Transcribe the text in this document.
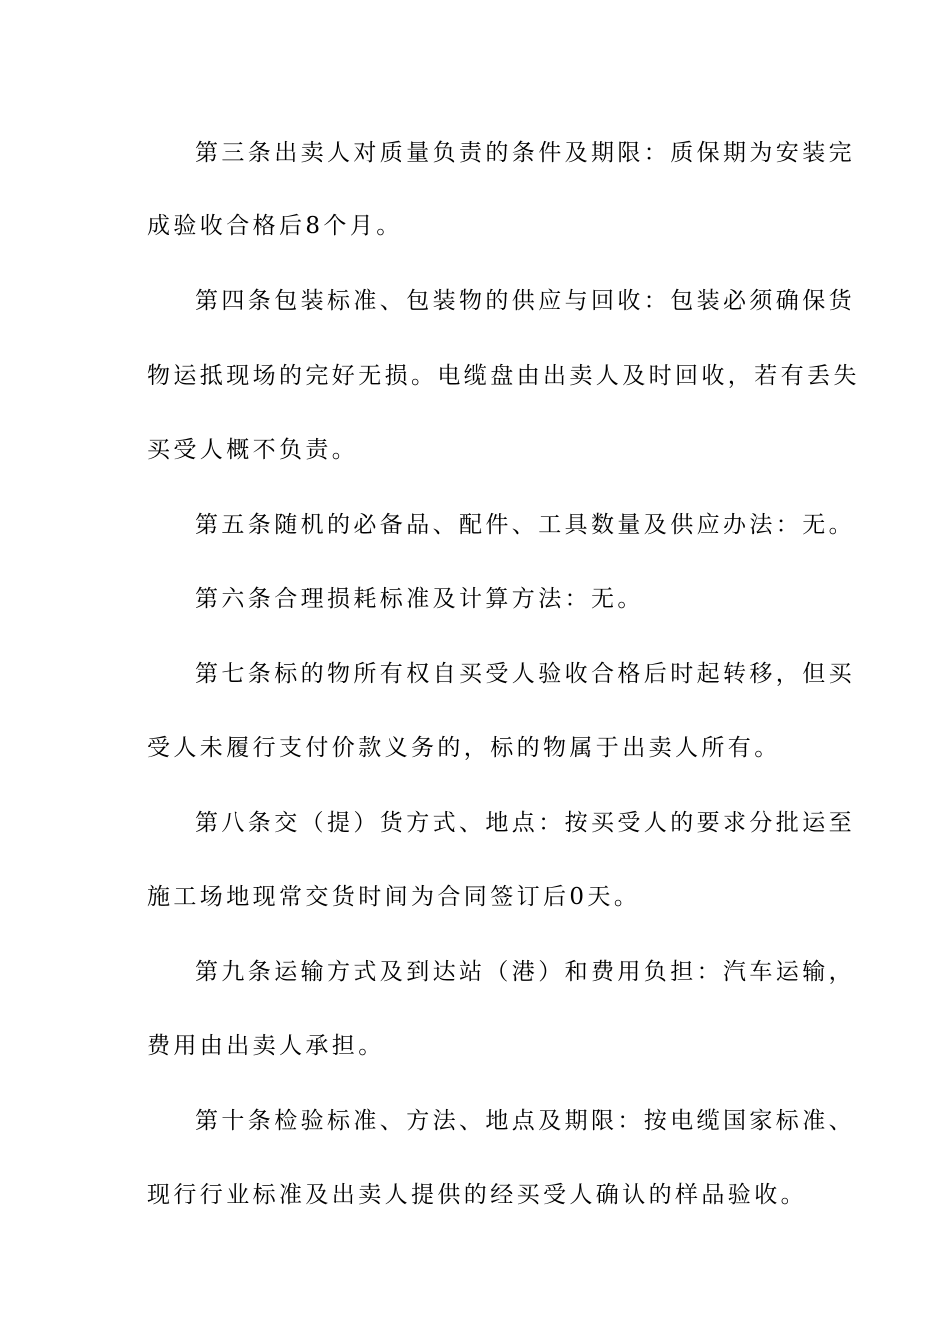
第三条出卖人对质量负责的条件及期限：质保期为安装完

成验收合格后8个月。

第四条包装标准、包装物的供应与回收：包装必须确保货

物运抵现场的完好无损。电缆盘由出卖人及时回收，若有丢失

买受人概不负责。

第五条随机的必备品、配件、工具数量及供应办法：无。

第六条合理损耗标准及计算方法：无。

第七条标的物所有权自买受人验收合格后时起转移，但买

受人未履行支付价款义务的，标的物属于出卖人所有。

第八条交（提）货方式、地点：按买受人的要求分批运至

施工场地现常交货时间为合同签订后0天。

第九条运输方式及到达站（港）和费用负担：汽车运输，

费用由出卖人承担。

第十条检验标准、方法、地点及期限：按电缆国家标准、

现行行业标准及出卖人提供的经买受人确认的样品验收。
